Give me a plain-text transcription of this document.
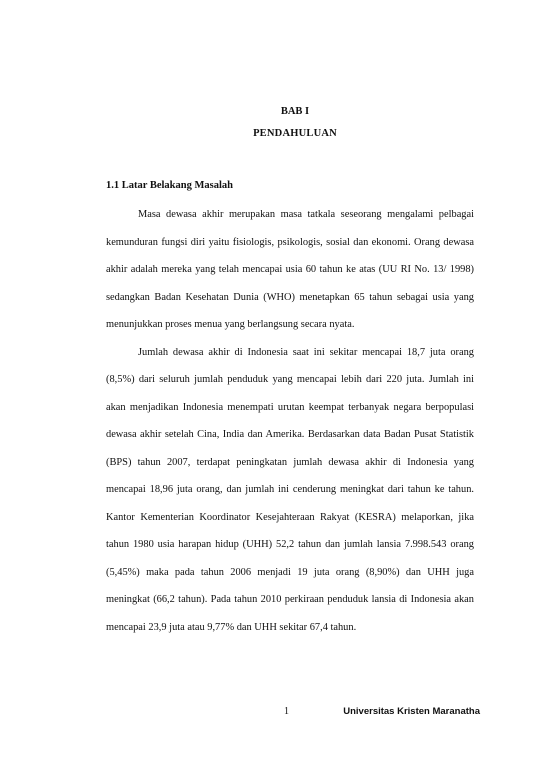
BAB I
PENDAHULUAN
1.1 Latar Belakang Masalah

Masa dewasa akhir merupakan masa tatkala seseorang mengalami pelbagai kemunduran fungsi diri yaitu fisiologis, psikologis, sosial dan ekonomi. Orang dewasa akhir adalah mereka yang telah mencapai usia 60 tahun ke atas (UU RI No. 13/ 1998) sedangkan Badan Kesehatan Dunia (WHO) menetapkan 65 tahun sebagai usia yang menunjukkan proses menua yang berlangsung secara nyata.

Jumlah dewasa akhir di Indonesia saat ini sekitar mencapai 18,7 juta orang (8,5%) dari seluruh jumlah penduduk yang mencapai lebih dari 220 juta. Jumlah ini akan menjadikan Indonesia menempati urutan keempat terbanyak negara berpopulasi dewasa akhir setelah Cina, India dan Amerika. Berdasarkan data Badan Pusat Statistik (BPS) tahun 2007, terdapat peningkatan jumlah dewasa akhir di Indonesia yang mencapai 18,96 juta orang, dan jumlah ini cenderung meningkat dari tahun ke tahun. Kantor Kementerian Koordinator Kesejahteraan Rakyat (KESRA) melaporkan, jika tahun 1980 usia harapan hidup (UHH) 52,2 tahun dan jumlah lansia 7.998.543 orang (5,45%) maka pada tahun 2006 menjadi 19 juta orang (8,90%) dan UHH juga meningkat (66,2 tahun). Pada tahun 2010 perkiraan penduduk lansia di Indonesia akan mencapai 23,9 juta atau 9,77% dan UHH sekitar 67,4 tahun.

1	Universitas Kristen Maranatha
